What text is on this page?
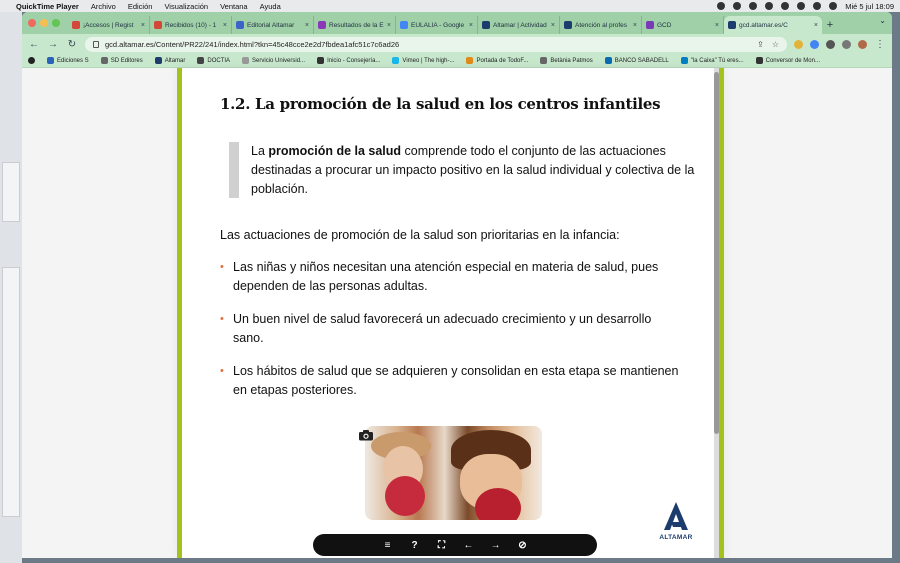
QuickTime Player Archivo Edición Visualización Ventana Ayuda	Mié 5 jul 18:09
¡Accesos | Regist ×	Recibidos (10) - 1 ×	Editorial Altamar ×	Resultados de la E ×	EULALIA - Google ×	Altamar | Actividad ×	Atención al profes ×	GCD	×	gcd.altamar.es/C	× +	⌄
← → ↻	gcd.altamar.es/Content/PR22/241/index.html?tkn=45c48cce2e2d7fbdea1afc51c7c6ad26	⇪ ☆	⋮
Ediciones S	SD Editores	Altamar	DOCTIA	Servicio Universid...	Inicio - Consejería...	Vimeo | The high-...	Portada de TodoF...	Betània Patmos	BANCO SABADELL	"la Caixa" Tú eres...	Conversor de Mon...
1.2. La promoción de la salud en los centros infantiles

La promoción de la salud comprende todo el conjunto de las actuaciones destinadas a procurar un impacto positivo en la salud individual y colectiva de la población.

Las actuaciones de promoción de la salud son prioritarias en la infancia:

• Las niñas y niños necesitan una atención especial en materia de salud, pues dependen de las personas adultas.
• Un buen nivel de salud favorecerá un adecuado crecimiento y un desarrollo sano.
• Los hábitos de salud que se adquieren y consolidan en esta etapa se mantienen en etapas posteriores.
ALTAMAR
≡ ? ⛶ ← → ⊘
